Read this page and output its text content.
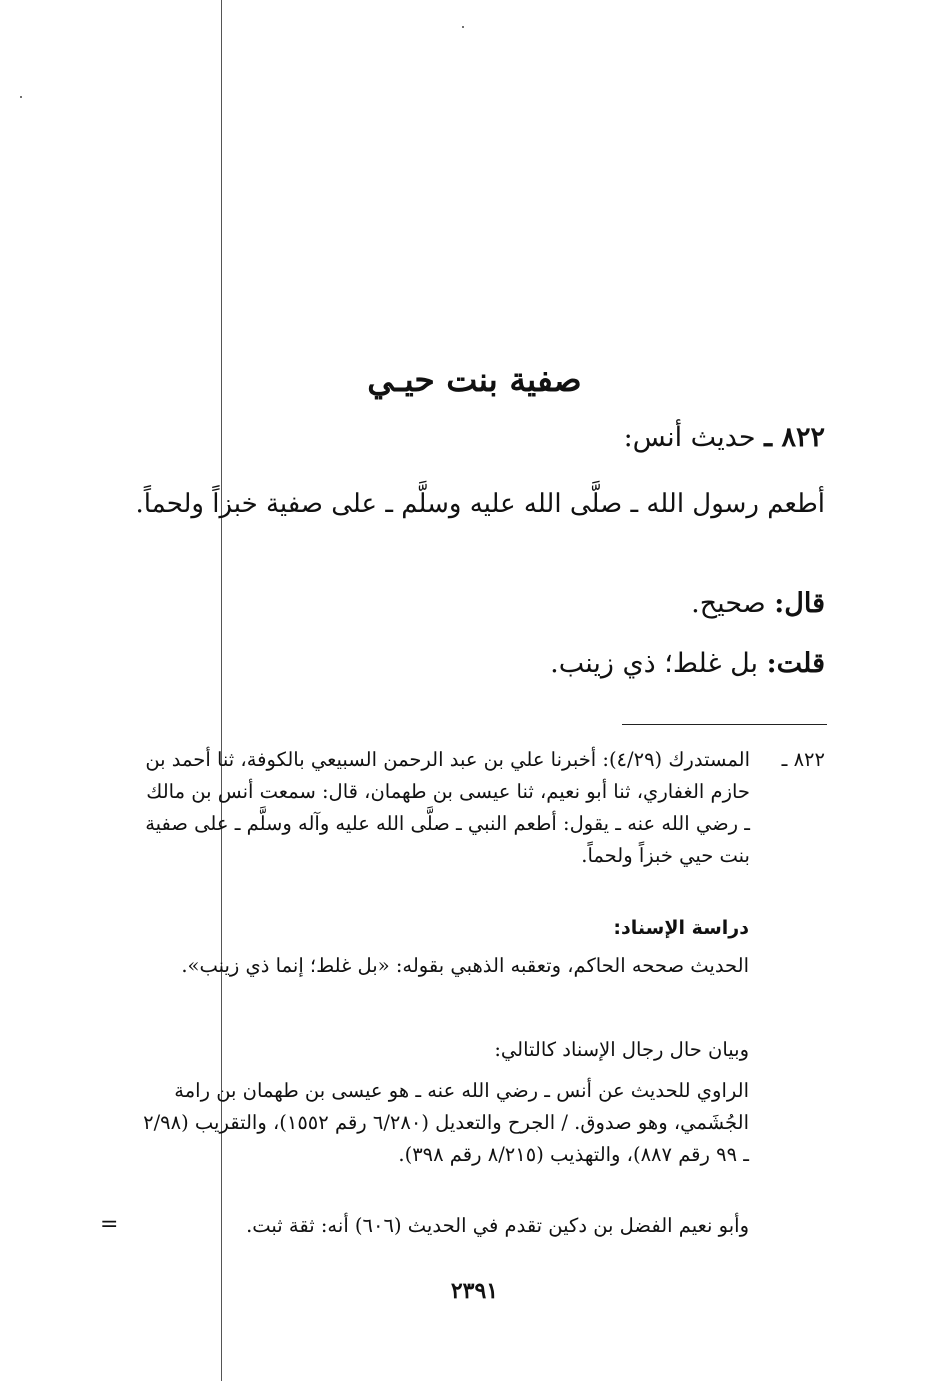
صفية بنت حيـي
٨٢٢ ـ حديث أنس:
أطعم رسول الله ـ صلَّى الله عليه وسلَّم ـ على صفية خبزاً ولحماً.
قال: صحيح.
قلت: بل غلط؛ ذي زينب.
٨٢٢ ـ
المستدرك (٤/٢٩): أخبرنا علي بن عبد الرحمن السبيعي بالكوفة، ثنا أحمد بن حازم الغفاري، ثنا أبو نعيم، ثنا عيسى بن طهمان، قال: سمعت أنس بن مالك ـ رضي الله عنه ـ يقول: أطعم النبي ـ صلَّى الله عليه وآله وسلَّم ـ على صفية بنت حيي خبزاً ولحماً.
دراسة الإسناد:
الحديث صححه الحاكم، وتعقبه الذهبي بقوله: «بل غلط؛ إنما ذي زينب».
وبيان حال رجال الإسناد كالتالي:
الراوي للحديث عن أنس ـ رضي الله عنه ـ هو عيسى بن طهمان بن رامة الجُشَمي، وهو صدوق. / الجرح والتعديل (٦/٢٨٠ رقم ١٥٥٢)، والتقريب (٢/٩٨ ـ ٩٩ رقم ٨٨٧)، والتهذيب (٨/٢١٥ رقم ٣٩٨).
وأبو نعيم الفضل بن دكين تقدم في الحديث (٦٠٦) أنه: ثقة ثبت.
=
٢٣٩١
